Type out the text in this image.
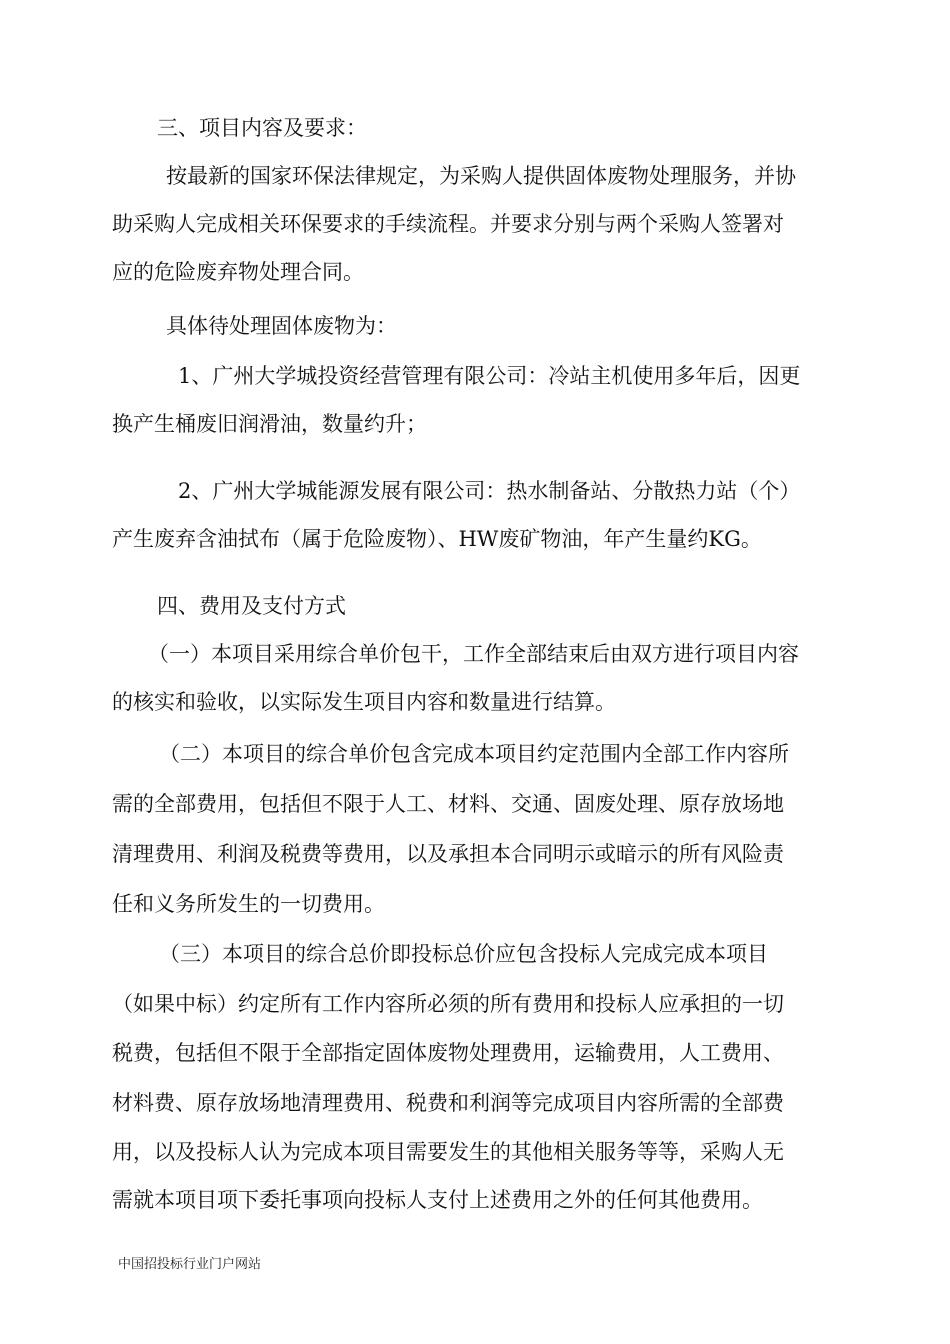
三、项目内容及要求：
按最新的国家环保法律规定，为采购人提供固体废物处理服务，并协
助采购人完成相关环保要求的手续流程。并要求分别与两个采购人签署对
应的危险废弃物处理合同。
具体待处理固体废物为：
1、广州大学城投资经营管理有限公司：冷站主机使用多年后，因更
换产生桶废旧润滑油，数量约升；
2、广州大学城能源发展有限公司：热水制备站、分散热力站（个）
产生废弃含油拭布（属于危险废物）、HW废矿物油，年产生量约KG。
四、费用及支付方式
（一）本项目采用综合单价包干，工作全部结束后由双方进行项目内容
的核实和验收，以实际发生项目内容和数量进行结算。
（二）本项目的综合单价包含完成本项目约定范围内全部工作内容所
需的全部费用，包括但不限于人工、材料、交通、固废处理、原存放场地
清理费用、利润及税费等费用，以及承担本合同明示或暗示的所有风险责
任和义务所发生的一切费用。
（三）本项目的综合总价即投标总价应包含投标人完成完成本项目
（如果中标）约定所有工作内容所必须的所有费用和投标人应承担的一切
税费，包括但不限于全部指定固体废物处理费用，运输费用，人工费用、
材料费、原存放场地清理费用、税费和利润等完成项目内容所需的全部费
用，以及投标人认为完成本项目需要发生的其他相关服务等等，采购人无
需就本项目项下委托事项向投标人支付上述费用之外的任何其他费用。
中国招投标行业门户网站
